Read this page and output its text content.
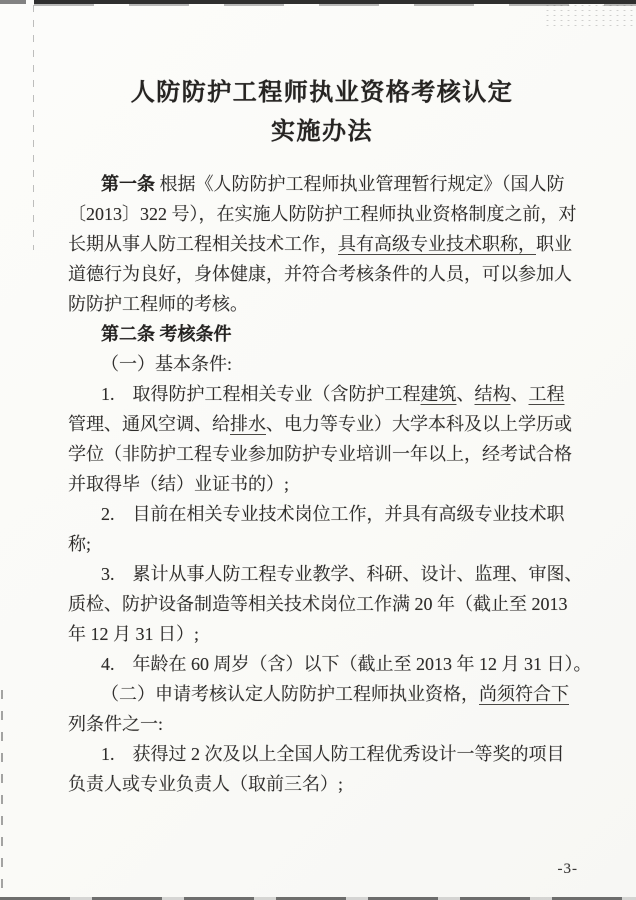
人防防护工程师执业资格考核认定
实施办法
第一条 根据《人防防护工程师执业管理暂行规定》（国人防
〔2013〕322 号），在实施人防防护工程师执业资格制度之前，对
长期从事人防工程相关技术工作，具有高级专业技术职称，职业
道德行为良好，身体健康，并符合考核条件的人员，可以参加人
防防护工程师的考核。
第二条 考核条件
（一）基本条件:
1.　取得防护工程相关专业（含防护工程建筑、结构、工程
管理、通风空调、给排水、电力等专业）大学本科及以上学历或
学位（非防护工程专业参加防护专业培训一年以上，经考试合格
并取得毕（结）业证书的）;
2.　目前在相关专业技术岗位工作，并具有高级专业技术职
称;
3.　累计从事人防工程专业教学、科研、设计、监理、审图、
质检、防护设备制造等相关技术岗位工作满 20 年（截止至 2013
年 12 月 31 日）;
4.　年龄在 60 周岁（含）以下（截止至 2013 年 12 月 31 日）。
（二）申请考核认定人防防护工程师执业资格，尚须符合下
列条件之一:
1.　获得过 2 次及以上全国人防工程优秀设计一等奖的项目
负责人或专业负责人（取前三名）;
-3-
